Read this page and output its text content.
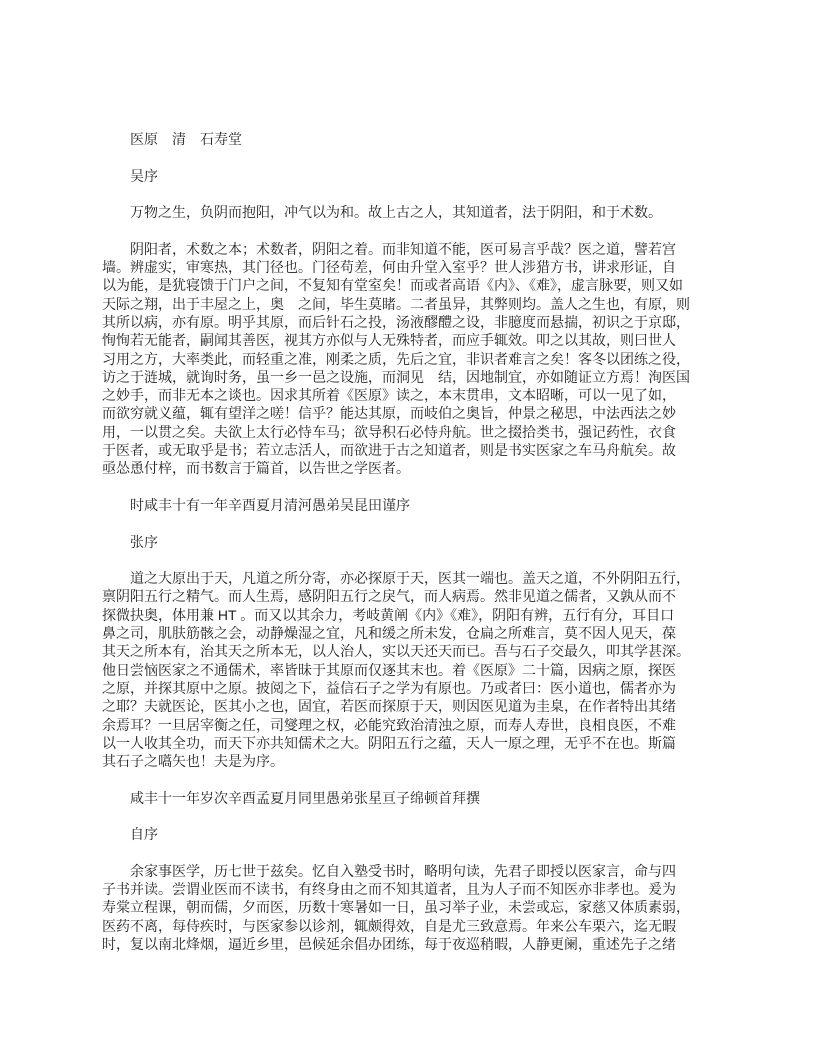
　　医原　清　石寿堂
　　吴序
　　万物之生，负阴而抱阳，冲气以为和。故上古之人，其知道者，法于阴阳，和于术数。
　　阴阳者，术数之本；术数者，阴阳之着。而非知道不能，医可易言乎哉？医之道，譬若宫
墙。辨虚实，审寒热，其门径也。门径苟差，何由升堂入室乎？世人涉猎方书，讲求形证，自
以为能，是犹寝馈于门户之间，不复知有堂室矣！而或者高语《内》、《难》，虚言脉要，则又如
天际之翔，出于丰屋之上，奥　之间，毕生莫睹。二者虽异，其弊则均。盖人之生也，有原，则
其所以病，亦有原。明乎其原，而后针石之投，汤液醪醴之设，非臆度而悬揣，初识之于京邸，
恂恂若无能者，嗣闻其善医，视其方亦似与人无殊特者，而应手辄效。叩之以其故，则曰世人
习用之方，大率类此，而轻重之准，刚柔之质，先后之宜，非识者难言之矣！客冬以团练之役，
访之于涟城，就询时务，虽一乡一邑之设施，而洞见　结，因地制宜，亦如随证立方焉！洵医国
之妙手，而非无本之谈也。因求其所着《医原》读之，本末贯串，文本昭晰，可以一见了如，
而欲穷就义蕴，辄有望洋之嗟！信乎？能达其原，而岐伯之奥旨，仲景之秘思，中法西法之妙
用，一以贯之矣。夫欲上太行必恃车马；欲导积石必恃舟航。世之掇拾类书，强记药性，衣食
于医者，或无取乎是书；若立志活人，而欲进于古之知道者，则是书实医家之车马舟航矣。故
亟怂恿付梓，而书数言于篇首，以告世之学医者。
　　时咸丰十有一年辛酉夏月清河愚弟吴昆田谨序
　　张序
　　道之大原出于天，凡道之所分寄，亦必探原于天，医其一端也。盖天之道，不外阴阳五行，
禀阴阳五行之精气。而人生焉，感阴阳五行之戾气，而人病焉。然非见道之儒者，又孰从而不
探微抉奥，体用兼 HT 。而又以其余力，考岐黄阐《内》《难》，阴阳有辨，五行有分，耳目口
鼻之司，肌肤筋骸之会，动静燥湿之宜，凡和缓之所未发，仓扁之所难言，莫不因人见天，葆
其天之所本有，治其天之所本无，以人治人，实以天还天而已。吾与石子交最久，叩其学甚深。
他日尝恼医家之不通儒术，率皆昧于其原而仅逐其末也。着《医原》二十篇，因病之原，探医
之原，并探其原中之原。披阅之下，益信石子之学为有原也。乃或者曰：医小道也，儒者亦为
之耶？夫就医论，医其小之也，固宜，若医而探原于天，则因医见道为圭臬，在作者特出其绪
余焉耳？一旦居宰衡之任，司燮理之权，必能究致治清浊之原，而寿人寿世，良相良医，不难
以一人收其全功，而天下亦共知儒术之大。阴阳五行之蕴，天人一原之理，无乎不在也。斯篇
其石子之嚆矢也！夫是为序。
　　咸丰十一年岁次辛酉孟夏月同里愚弟张星亘子绵顿首拜撰
　　自序
　　余家事医学，历七世于兹矣。忆自入塾受书时，略明句读，先君子即授以医家言，命与四
子书并读。尝谓业医而不读书，有终身由之而不知其道者，且为人子而不知医亦非孝也。爰为
寿棠立程课，朝而儒，夕而医，历数十寒暑如一日，虽习举子业，未尝或忘，家慈又体质素弱，
医药不离，每侍疾时，与医家参以诊剂，辄颇得效，自是尤三致意焉。年来公车栗六，迄无暇
时，复以南北烽烟，逼近乡里，邑候延余倡办团练，每于夜巡稍暇，人静更阑，重述先子之绪
